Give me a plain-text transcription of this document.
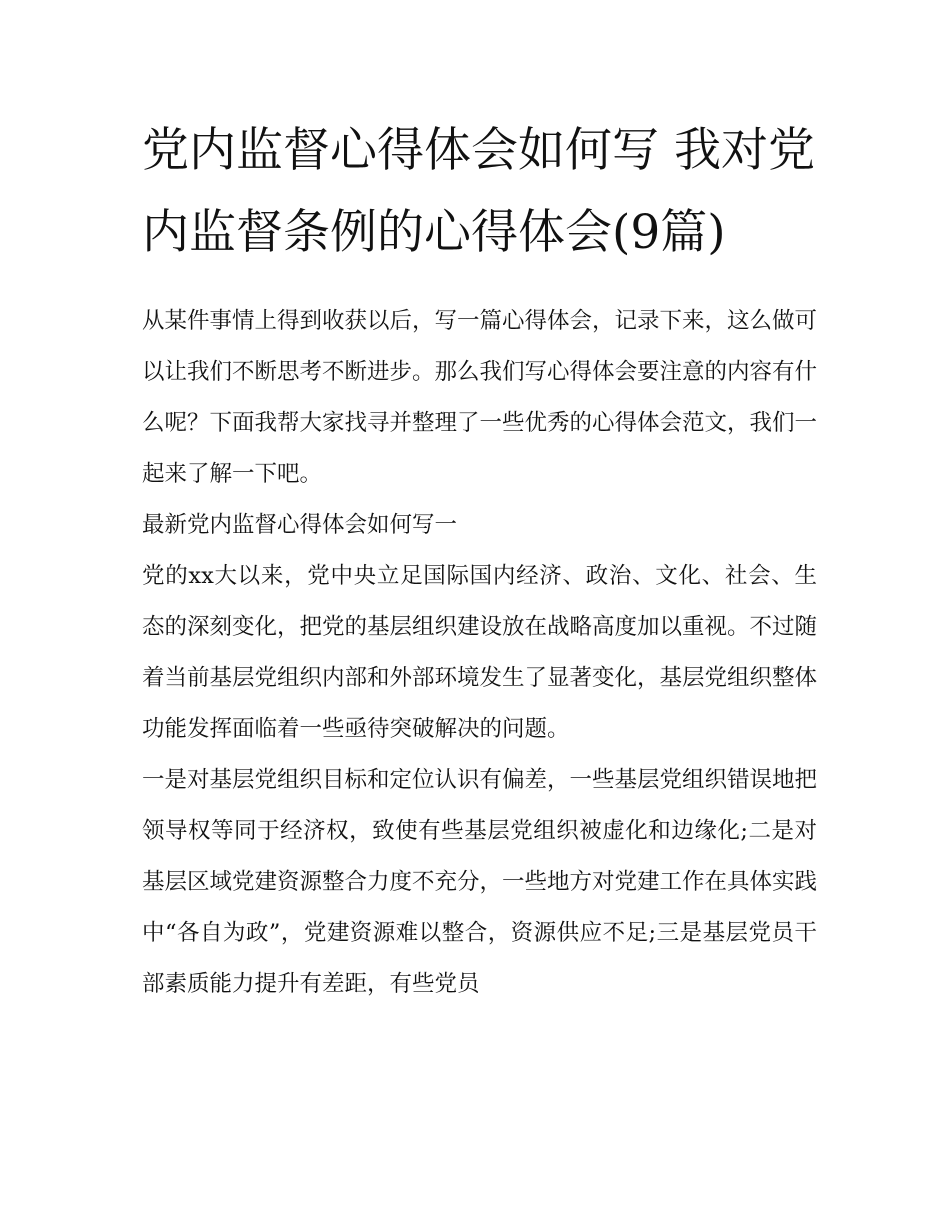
党内监督心得体会如何写 我对党内监督条例的心得体会(9篇)

从某件事情上得到收获以后，写一篇心得体会，记录下来，这么做可以让我们不断思考不断进步。那么我们写心得体会要注意的内容有什么呢？下面我帮大家找寻并整理了一些优秀的心得体会范文，我们一起来了解一下吧。

最新党内监督心得体会如何写一

党的xx大以来，党中央立足国际国内经济、政治、文化、社会、生态的深刻变化，把党的基层组织建设放在战略高度加以重视。不过随着当前基层党组织内部和外部环境发生了显著变化，基层党组织整体功能发挥面临着一些亟待突破解决的问题。

一是对基层党组织目标和定位认识有偏差，一些基层党组织错误地把领导权等同于经济权，致使有些基层党组织被虚化和边缘化;二是对基层区域党建资源整合力度不充分，一些地方对党建工作在具体实践中“各自为政”，党建资源难以整合，资源供应不足;三是基层党员干部素质能力提升有差距，有些党员
